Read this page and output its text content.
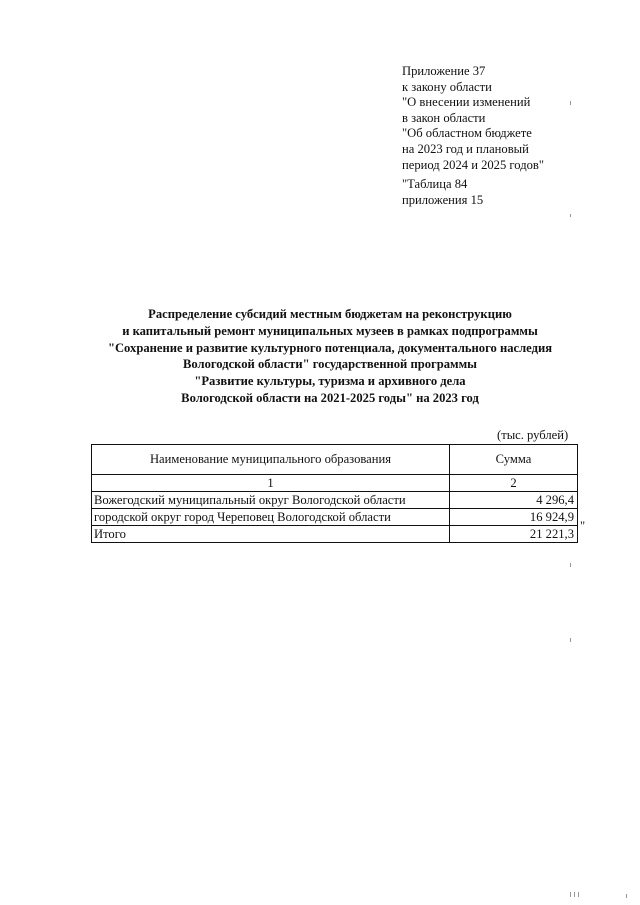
Приложение 37
к закону области
"О внесении изменений
в закон области
"Об областном бюджете
на 2023 год и плановый
период 2024 и 2025 годов"
"Таблица 84
приложения 15
Распределение субсидий местным бюджетам на реконструкцию
и капитальный ремонт муниципальных музеев в рамках подпрограммы
"Сохранение и развитие культурного потенциала, документального наследия
Вологодской области" государственной программы
"Развитие культуры, туризма и архивного дела
Вологодской области на 2021-2025 годы" на 2023 год
(тыс. рублей)
Наименование муниципального образования	Сумма
1	2
Вожегодский муниципальный округ Вологодской области	4 296,4
городской округ город Череповец Вологодской области	16 924,9
Итого	21 221,3
"
